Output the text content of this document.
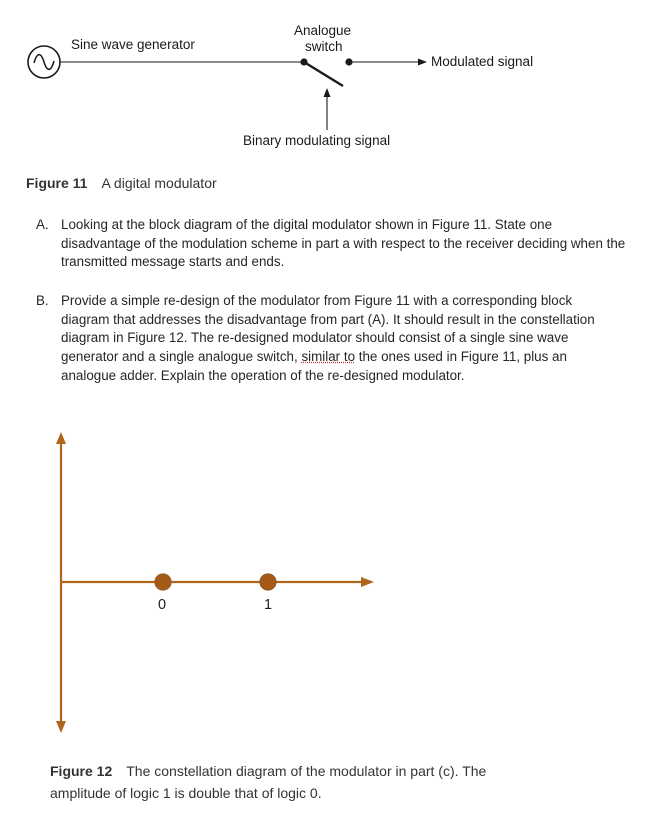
Sine wave generator
Analogue
switch
Modulated signal
Binary modulating signal
Figure 11 A digital modulator
A. Looking at the block diagram of the digital modulator shown in Figure 11. State one disadvantage of the modulation scheme in part a with respect to the receiver deciding when the transmitted message starts and ends.
B. Provide a simple re-design of the modulator from Figure 11 with a corresponding block diagram that addresses the disadvantage from part (A). It should result in the constellation diagram in Figure 12. The re-designed modulator should consist of a single sine wave generator and a single analogue switch, similar to the ones used in Figure 11, plus an analogue adder. Explain the operation of the re-designed modulator.
0	1
Figure 12 The constellation diagram of the modulator in part (c). The
amplitude of logic 1 is double that of logic 0.
